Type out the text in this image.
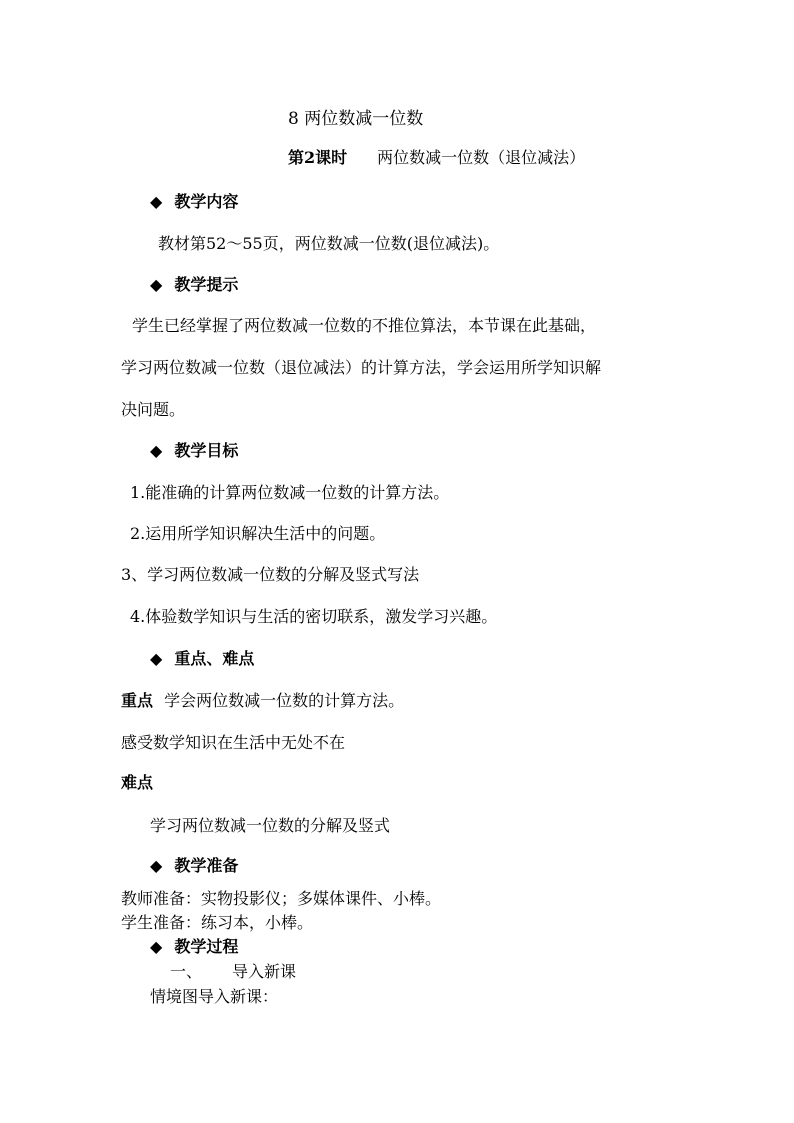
8 两位数减一位数
第2课时 两位数减一位数（退位减法）
◆ 教学内容
教材第52～55页，两位数减一位数(退位减法)。
◆ 教学提示
学生已经掌握了两位数减一位数的不推位算法，本节课在此基础，
学习两位数减一位数（退位减法）的计算方法，学会运用所学知识解
决问题。
◆ 教学目标
1.能准确的计算两位数减一位数的计算方法。
2.运用所学知识解决生活中的问题。
3、学习两位数减一位数的分解及竖式写法
4.体验数学知识与生活的密切联系，激发学习兴趣。
◆ 重点、难点
重点 学会两位数减一位数的计算方法。
感受数学知识在生活中无处不在
难点
学习两位数减一位数的分解及竖式
◆ 教学准备
教师准备：实物投影仪；多媒体课件、小棒。
学生准备：练习本，小棒。
◆ 教学过程
一、 导入新课
情境图导入新课：
